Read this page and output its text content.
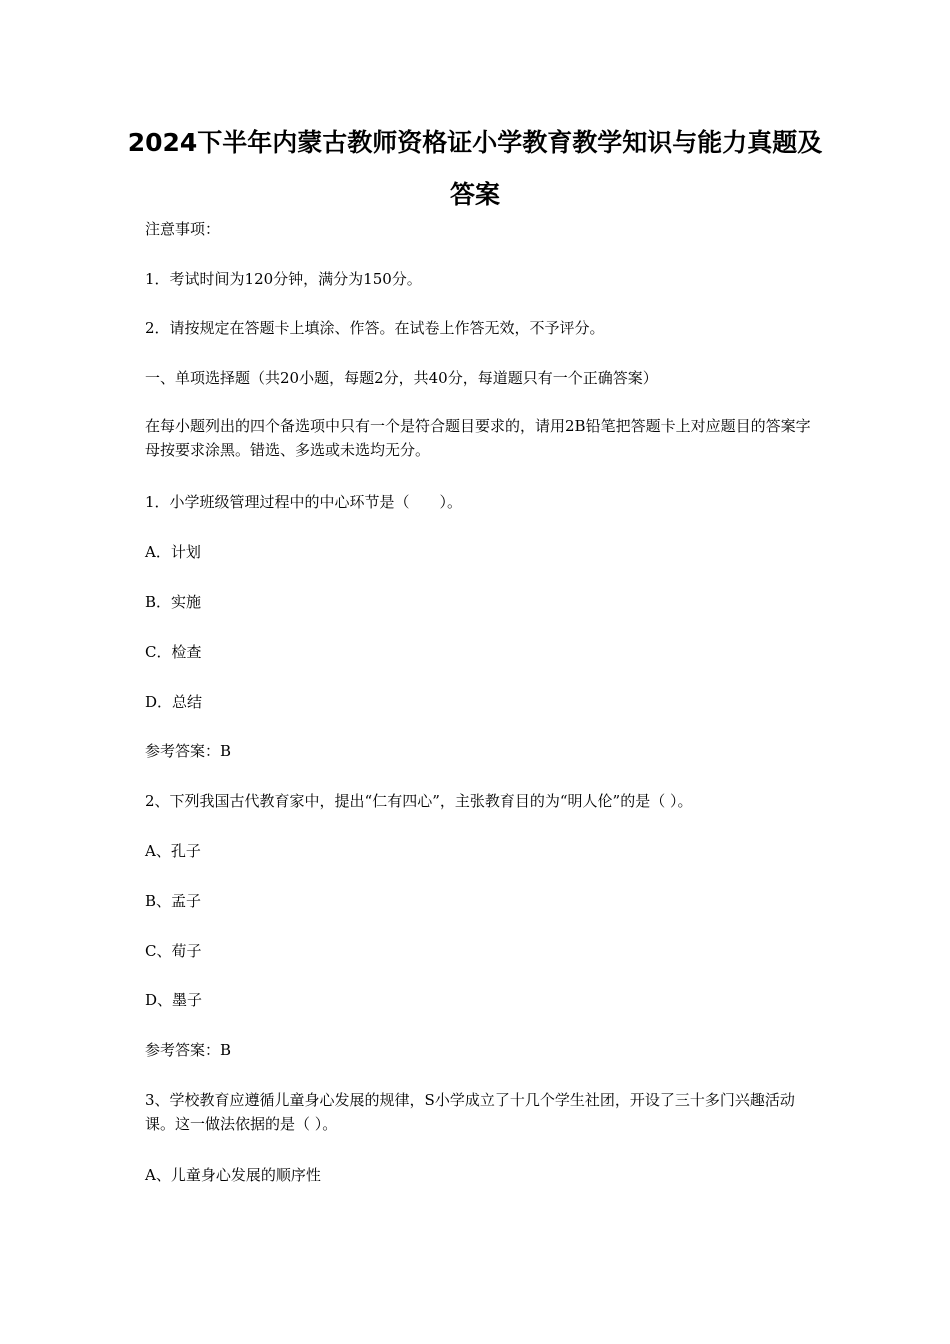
2024下半年内蒙古教师资格证小学教育教学知识与能力真题及答案
注意事项：
1．考试时间为120分钟，满分为150分。
2．请按规定在答题卡上填涂、作答。在试卷上作答无效，不予评分。
一、单项选择题（共20小题，每题2分，共40分，每道题只有一个正确答案）
在每小题列出的四个备选项中只有一个是符合题目要求的，请用2B铅笔把答题卡上对应题目的答案字母按要求涂黑。错选、多选或未选均无分。
1．小学班级管理过程中的中心环节是（　　）。
A．计划
B．实施
C．检查
D．总结
参考答案：B
2、下列我国古代教育家中，提出“仁有四心”，主张教育目的为“明人伦”的是（ ）。
A、孔子
B、孟子
C、荀子
D、墨子
参考答案：B
3、学校教育应遵循儿童身心发展的规律，S小学成立了十几个学生社团，开设了三十多门兴趣活动课。这一做法依据的是（ ）。
A、儿童身心发展的顺序性
